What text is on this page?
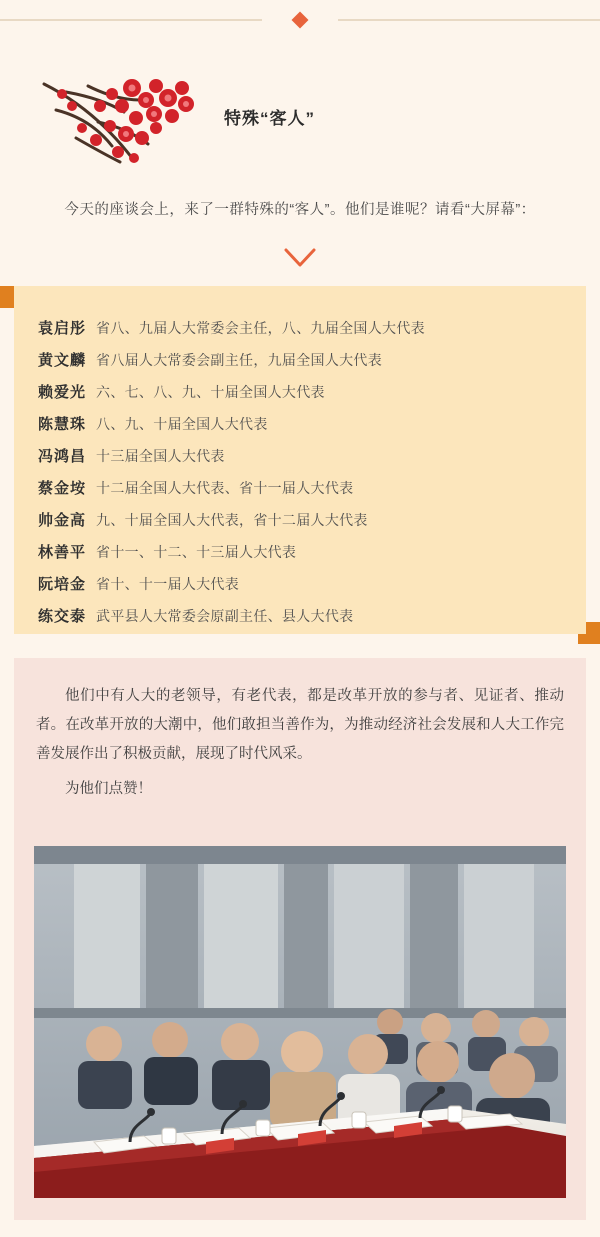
特殊“客人”
今天的座谈会上，来了一群特殊的“客人”。他们是谁呢？请看“大屏幕”：
袁启彤 省八、九届人大常委会主任，八、九届全国人大代表
黄文麟 省八届人大常委会副主任，九届全国人大代表
赖爱光 六、七、八、九、十届全国人大代表
陈慧珠 八、九、十届全国人大代表
冯鸿昌 十三届全国人大代表
蔡金垵 十二届全国人大代表、省十一届人大代表
帅金高 九、十届全国人大代表，省十二届人大代表
林善平 省十一、十二、十三届人大代表
阮培金 省十、十一届人大代表
练交泰 武平县人大常委会原副主任、县人大代表

他们中有人大的老领导，有老代表，都是改革开放的参与者、见证者、推动者。在改革开放的大潮中，他们敢担当善作为，为推动经济社会发展和人大工作完善发展作出了积极贡献，展现了时代风采。

为他们点赞！
